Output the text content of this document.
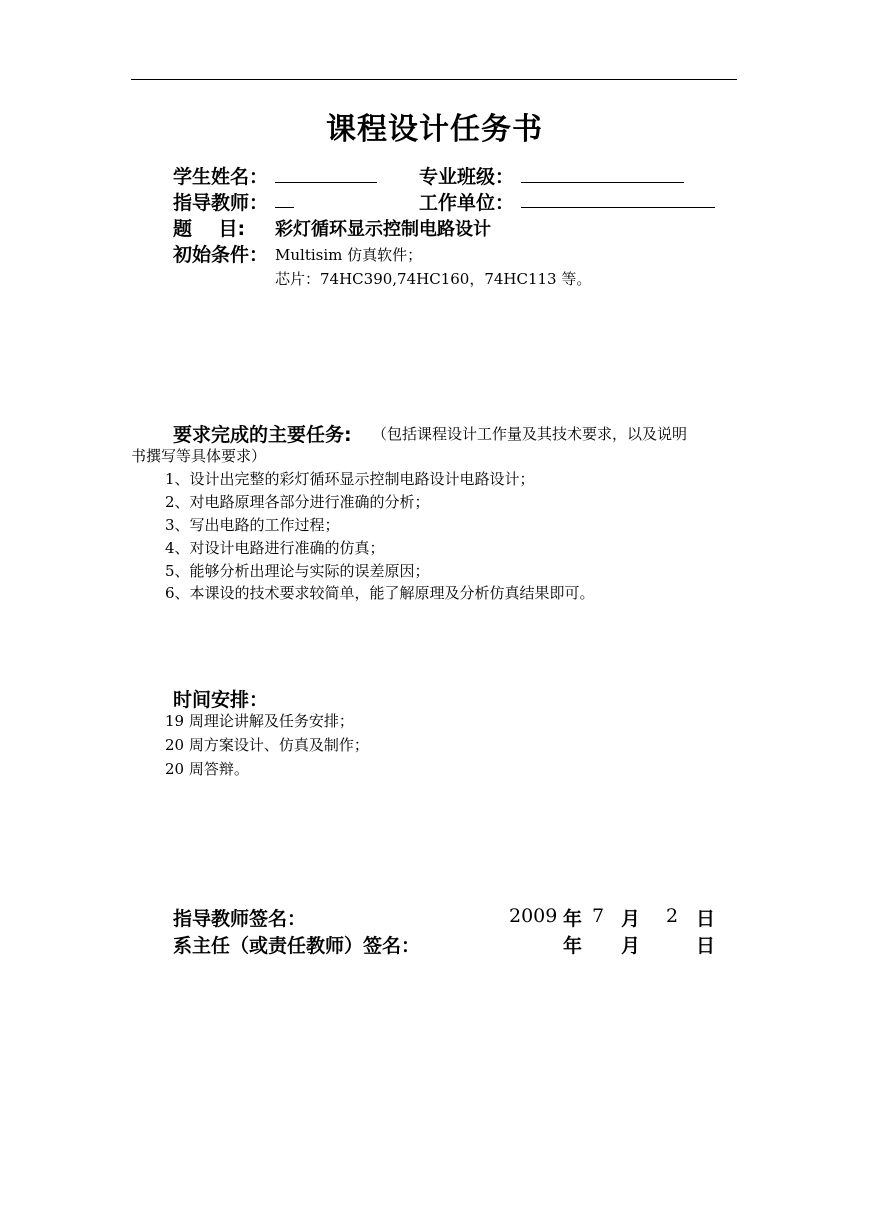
课程设计任务书
学生姓名：	专业班级：
指导教师：	工作单位：
题    目: 彩灯循环显示控制电路设计
初始条件： Multisim 仿真软件；
芯片：74HC390,74HC160，74HC113 等。
要求完成的主要任务: （包括课程设计工作量及其技术要求，以及说明
书撰写等具体要求）
1、设计出完整的彩灯循环显示控制电路设计电路设计；
2、对电路原理各部分进行准确的分析；
3、写出电路的工作过程；
4、对设计电路进行准确的仿真；
5、能够分析出理论与实际的误差原因；
6、本课设的技术要求较简单，能了解原理及分析仿真结果即可。
时间安排：
19 周理论讲解及任务安排；
20 周方案设计、仿真及制作；
20 周答辩。
指导教师签名：	2009 年 7 月 2 日
系主任（或责任教师）签名：	年 月	日
